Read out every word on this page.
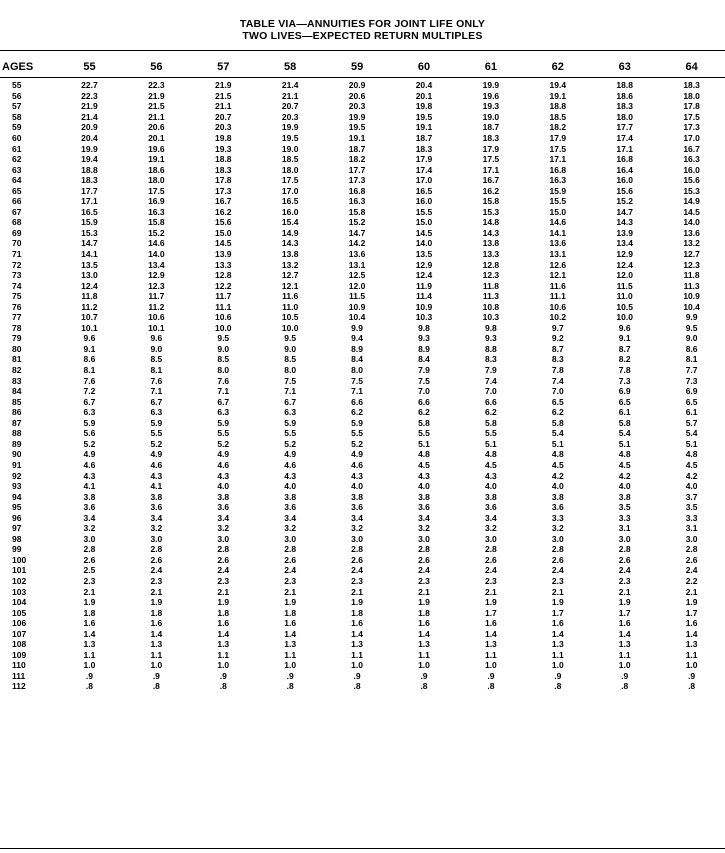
TABLE VIA—ANNUITIES FOR JOINT LIFE ONLY
TWO LIVES—EXPECTED RETURN MULTIPLES
AGES	55	56	57	58	59	60	61	62	63	64
55	22.7	22.3	21.9	21.4	20.9	20.4	19.9	19.4	18.8	18.3
56	22.3	21.9	21.5	21.1	20.6	20.1	19.6	19.1	18.6	18.0
57	21.9	21.5	21.1	20.7	20.3	19.8	19.3	18.8	18.3	17.8
58	21.4	21.1	20.7	20.3	19.9	19.5	19.0	18.5	18.0	17.5
59	20.9	20.6	20.3	19.9	19.5	19.1	18.7	18.2	17.7	17.3
60	20.4	20.1	19.8	19.5	19.1	18.7	18.3	17.9	17.4	17.0
61	19.9	19.6	19.3	19.0	18.7	18.3	17.9	17.5	17.1	16.7
62	19.4	19.1	18.8	18.5	18.2	17.9	17.5	17.1	16.8	16.3
63	18.8	18.6	18.3	18.0	17.7	17.4	17.1	16.8	16.4	16.0
64	18.3	18.0	17.8	17.5	17.3	17.0	16.7	16.3	16.0	15.6
65	17.7	17.5	17.3	17.0	16.8	16.5	16.2	15.9	15.6	15.3
66	17.1	16.9	16.7	16.5	16.3	16.0	15.8	15.5	15.2	14.9
67	16.5	16.3	16.2	16.0	15.8	15.5	15.3	15.0	14.7	14.5
68	15.9	15.8	15.6	15.4	15.2	15.0	14.8	14.6	14.3	14.0
69	15.3	15.2	15.0	14.9	14.7	14.5	14.3	14.1	13.9	13.6
70	14.7	14.6	14.5	14.3	14.2	14.0	13.8	13.6	13.4	13.2
71	14.1	14.0	13.9	13.8	13.6	13.5	13.3	13.1	12.9	12.7
72	13.5	13.4	13.3	13.2	13.1	12.9	12.8	12.6	12.4	12.3
73	13.0	12.9	12.8	12.7	12.5	12.4	12.3	12.1	12.0	11.8
74	12.4	12.3	12.2	12.1	12.0	11.9	11.8	11.6	11.5	11.3
75	11.8	11.7	11.7	11.6	11.5	11.4	11.3	11.1	11.0	10.9
76	11.2	11.2	11.1	11.0	10.9	10.9	10.8	10.6	10.5	10.4
77	10.7	10.6	10.6	10.5	10.4	10.3	10.3	10.2	10.0	9.9
78	10.1	10.1	10.0	10.0	9.9	9.8	9.8	9.7	9.6	9.5
79	9.6	9.6	9.5	9.5	9.4	9.3	9.3	9.2	9.1	9.0
80	9.1	9.0	9.0	9.0	8.9	8.9	8.8	8.7	8.7	8.6
81	8.6	8.5	8.5	8.5	8.4	8.4	8.3	8.3	8.2	8.1
82	8.1	8.1	8.0	8.0	8.0	7.9	7.9	7.8	7.8	7.7
83	7.6	7.6	7.6	7.5	7.5	7.5	7.4	7.4	7.3	7.3
84	7.2	7.1	7.1	7.1	7.1	7.0	7.0	7.0	6.9	6.9
85	6.7	6.7	6.7	6.7	6.6	6.6	6.6	6.5	6.5	6.5
86	6.3	6.3	6.3	6.3	6.2	6.2	6.2	6.2	6.1	6.1
87	5.9	5.9	5.9	5.9	5.9	5.8	5.8	5.8	5.8	5.7
88	5.6	5.5	5.5	5.5	5.5	5.5	5.5	5.4	5.4	5.4
89	5.2	5.2	5.2	5.2	5.2	5.1	5.1	5.1	5.1	5.1
90	4.9	4.9	4.9	4.9	4.9	4.8	4.8	4.8	4.8	4.8
91	4.6	4.6	4.6	4.6	4.6	4.5	4.5	4.5	4.5	4.5
92	4.3	4.3	4.3	4.3	4.3	4.3	4.3	4.2	4.2	4.2
93	4.1	4.1	4.0	4.0	4.0	4.0	4.0	4.0	4.0	4.0
94	3.8	3.8	3.8	3.8	3.8	3.8	3.8	3.8	3.8	3.7
95	3.6	3.6	3.6	3.6	3.6	3.6	3.6	3.6	3.5	3.5
96	3.4	3.4	3.4	3.4	3.4	3.4	3.4	3.3	3.3	3.3
97	3.2	3.2	3.2	3.2	3.2	3.2	3.2	3.2	3.1	3.1
98	3.0	3.0	3.0	3.0	3.0	3.0	3.0	3.0	3.0	3.0
99	2.8	2.8	2.8	2.8	2.8	2.8	2.8	2.8	2.8	2.8
100	2.6	2.6	2.6	2.6	2.6	2.6	2.6	2.6	2.6	2.6
101	2.5	2.4	2.4	2.4	2.4	2.4	2.4	2.4	2.4	2.4
102	2.3	2.3	2.3	2.3	2.3	2.3	2.3	2.3	2.3	2.2
103	2.1	2.1	2.1	2.1	2.1	2.1	2.1	2.1	2.1	2.1
104	1.9	1.9	1.9	1.9	1.9	1.9	1.9	1.9	1.9	1.9
105	1.8	1.8	1.8	1.8	1.8	1.8	1.7	1.7	1.7	1.7
106	1.6	1.6	1.6	1.6	1.6	1.6	1.6	1.6	1.6	1.6
107	1.4	1.4	1.4	1.4	1.4	1.4	1.4	1.4	1.4	1.4
108	1.3	1.3	1.3	1.3	1.3	1.3	1.3	1.3	1.3	1.3
109	1.1	1.1	1.1	1.1	1.1	1.1	1.1	1.1	1.1	1.1
110	1.0	1.0	1.0	1.0	1.0	1.0	1.0	1.0	1.0	1.0
111	.9	.9	.9	.9	.9	.9	.9	.9	.9	.9
112	.8	.8	.8	.8	.8	.8	.8	.8	.8	.8
